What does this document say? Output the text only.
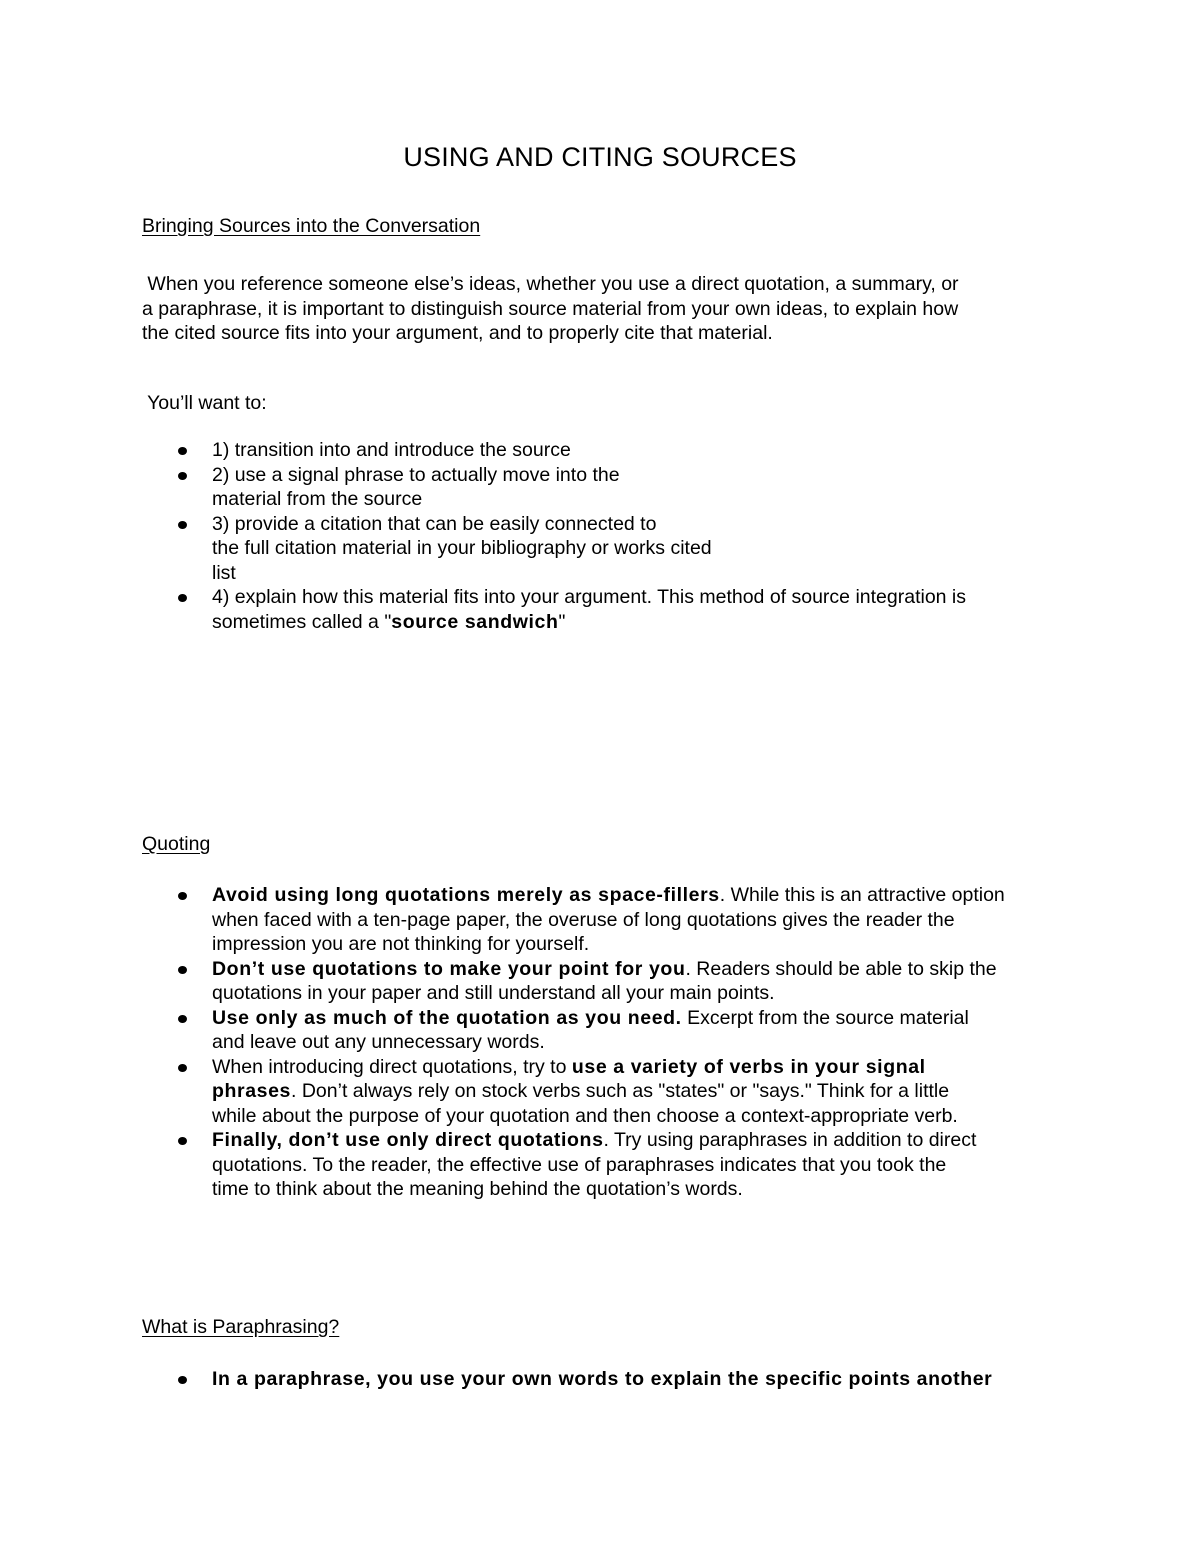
USING AND CITING SOURCES
Bringing Sources into the Conversation
When you reference someone else’s ideas, whether you use a direct quotation, a summary, or
a paraphrase, it is important to distinguish source material from your own ideas, to explain how
the cited source fits into your argument, and to properly cite that material.
You’ll want to:
1) transition into and introduce the source
2) use a signal phrase to actually move into the
material from the source
3) provide a citation that can be easily connected to
the full citation material in your bibliography or works cited
list
4) explain how this material fits into your argument. This method of source integration is
sometimes called a "source sandwich"
Quoting
Avoid using long quotations merely as space-fillers. While this is an attractive option
when faced with a ten-page paper, the overuse of long quotations gives the reader the
impression you are not thinking for yourself.
Don’t use quotations to make your point for you. Readers should be able to skip the
quotations in your paper and still understand all your main points.
Use only as much of the quotation as you need. Excerpt from the source material
and leave out any unnecessary words.
When introducing direct quotations, try to use a variety of verbs in your signal
phrases. Don’t always rely on stock verbs such as "states" or "says." Think for a little
while about the purpose of your quotation and then choose a context-appropriate verb.
Finally, don’t use only direct quotations. Try using paraphrases in addition to direct
quotations. To the reader, the effective use of paraphrases indicates that you took the
time to think about the meaning behind the quotation’s words.
What is Paraphrasing?
In a paraphrase, you use your own words to explain the specific points another
